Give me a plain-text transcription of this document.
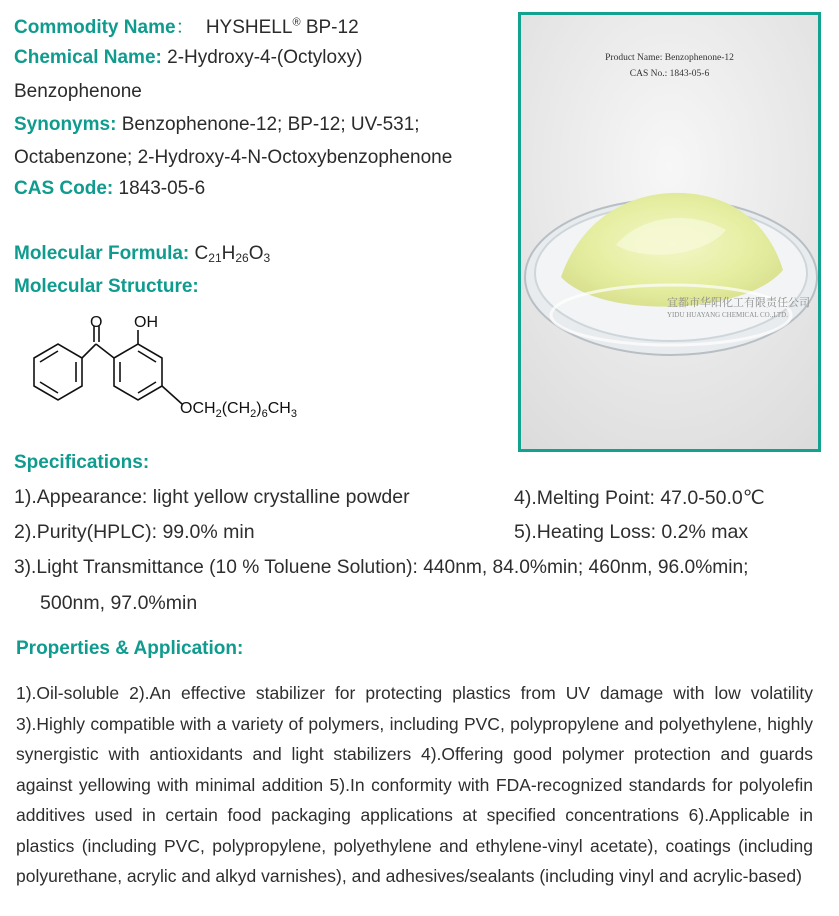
Commodity Name： HYSHELL® BP-12
Chemical Name: 2-Hydroxy-4-(Octyloxy)
Benzophenone
Synonyms: Benzophenone-12; BP-12; UV-531;
Octabenzone; 2-Hydroxy-4-N-Octoxybenzophenone
CAS Code: 1843-05-6
Molecular Formula: $C_{21}H_{26}O_3$
Molecular Structure:
O OH
$OCH_2(CH_2)_6CH_3$
Product Name: Benzophenone-12
CAS No.: 1843-05-6
宜都市华阳化工有限责任公司
YIDU HUAYANG CHEMICAL CO.,LTD.
Specifications:
1).Appearance: light yellow crystalline powder	4).Melting Point: 47.0-50.0℃
2).Purity(HPLC): 99.0% min	5).Heating Loss: 0.2% max
3).Light Transmittance (10 % Toluene Solution): 440nm, 84.0%min; 460nm, 96.0%min;
500nm, 97.0%min
Properties & Application:
1).Oil-soluble 2).An effective stabilizer for protecting plastics from UV damage with low volatility 3).Highly compatible with a variety of polymers, including PVC, polypropylene and polyethylene, highly synergistic with antioxidants and light stabilizers 4).Offering good polymer protection and guards against yellowing with minimal addition 5).In conformity with FDA-recognized standards for polyolefin additives used in certain food packaging applications at specified concentrations 6).Applicable in plastics (including PVC, polypropylene, polyethylene and ethylene-vinyl acetate), coatings (including polyurethane, acrylic and alkyd varnishes), and adhesives/sealants (including vinyl and acrylic-based)
